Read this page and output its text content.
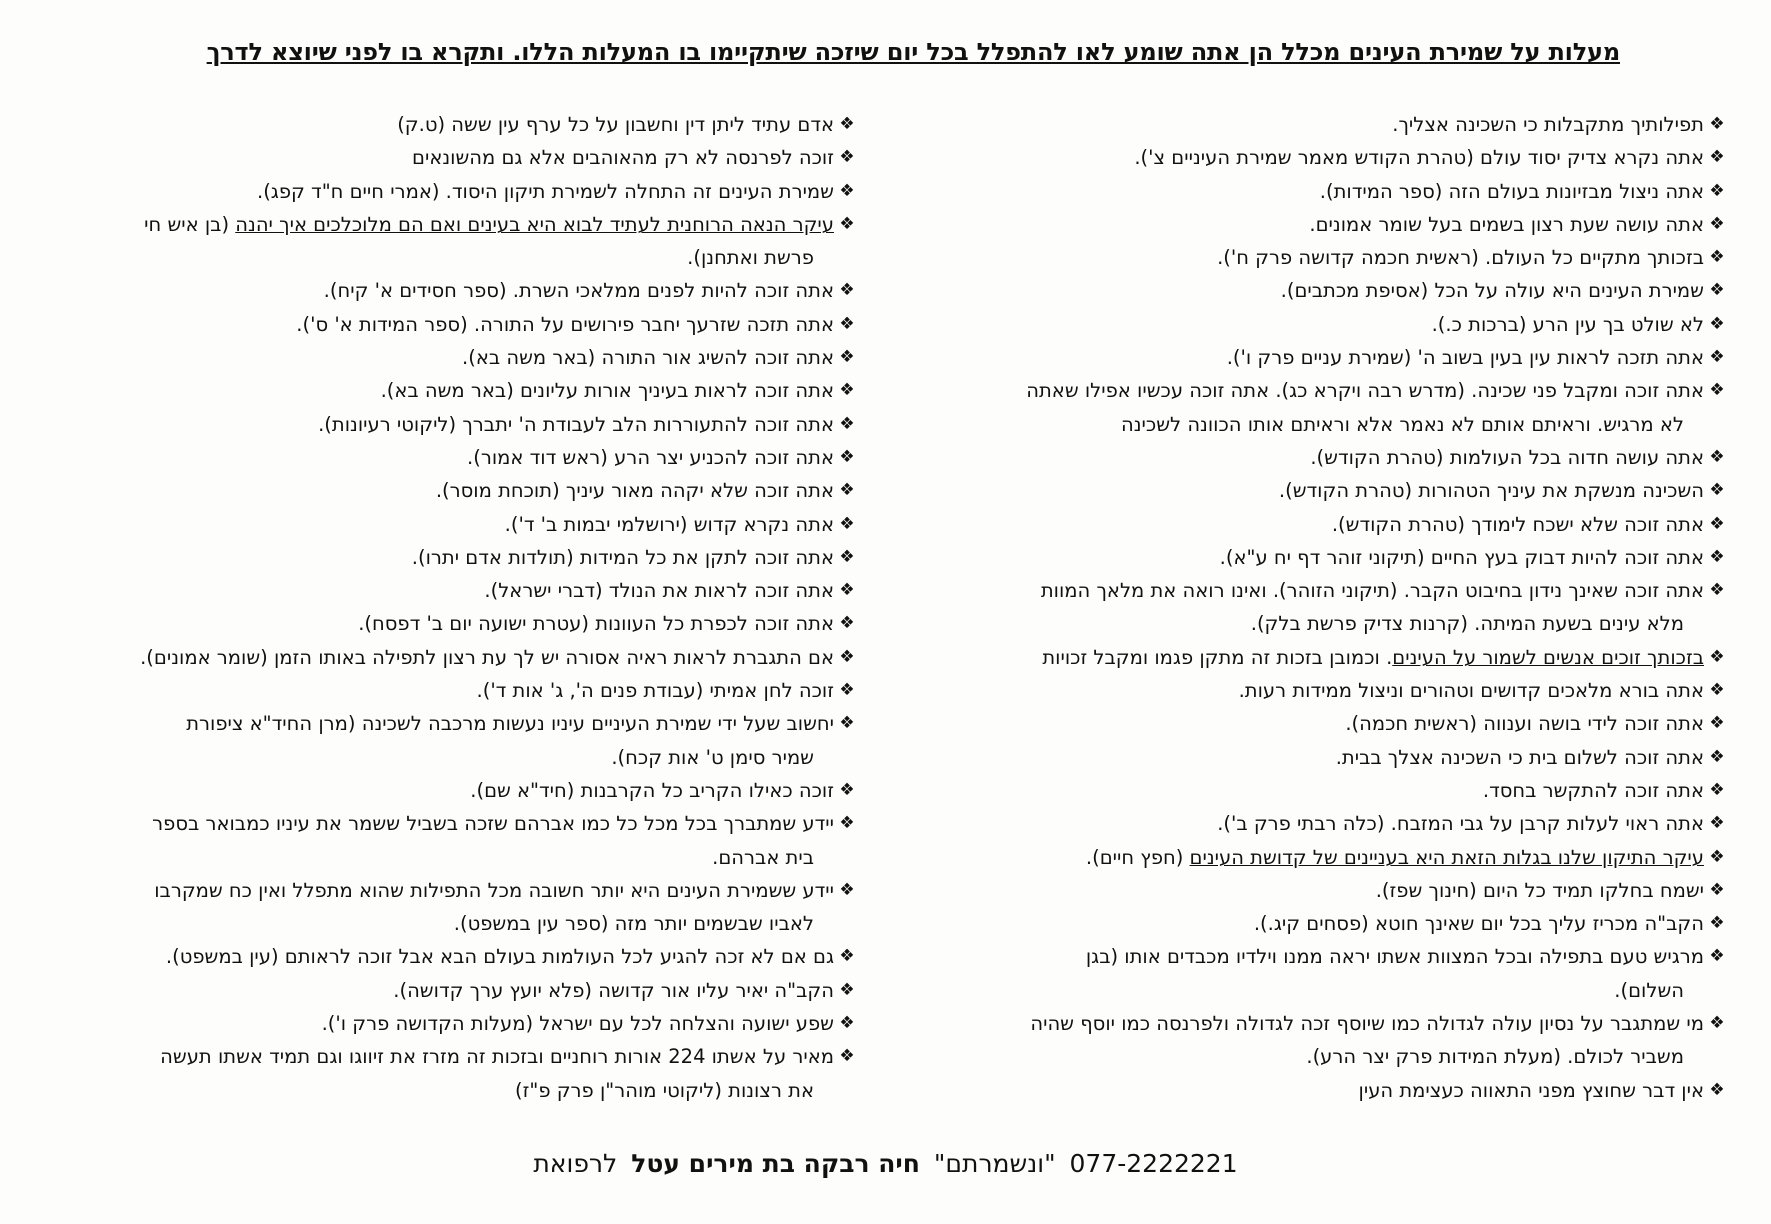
מעלות על שמירת העינים מכלל הן אתה שומע לאו להתפלל בכל יום שיזכה שיתקיימו בו המעלות הללו. ותקרא בו לפני שיוצא לדרך
❖
תפילותיך מתקבלות כי השכינה אצליך.
❖
אתה נקרא צדיק יסוד עולם (טהרת הקודש מאמר שמירת העיניים צ').
❖
אתה ניצול מבזיונות בעולם הזה (ספר המידות).
❖
אתה עושה שעת רצון בשמים בעל שומר אמונים.
❖
בזכותך מתקיים כל העולם. (ראשית חכמה קדושה פרק ח').
❖
שמירת העינים היא עולה על הכל (אסיפת מכתבים).
❖
לא שולט בך עין הרע (ברכות כ.).
❖
אתה תזכה לראות עין בעין בשוב ה' (שמירת עניים פרק ו').
❖
אתה זוכה ומקבל פני שכינה. (מדרש רבה ויקרא כג). אתה זוכה עכשיו אפילו שאתה
לא מרגיש. וראיתם אותם לא נאמר אלא וראיתם אותו הכוונה לשכינה
❖
אתה עושה חדוה בכל העולמות (טהרת הקודש).
❖
השכינה מנשקת את עיניך הטהורות (טהרת הקודש).
❖
אתה זוכה שלא ישכח לימודך (טהרת הקודש).
❖
אתה זוכה להיות דבוק בעץ החיים (תיקוני זוהר דף יח ע"א).
❖
אתה זוכה שאינך נידון בחיבוט הקבר. (תיקוני הזוהר). ואינו רואה את מלאך המוות
מלא עינים בשעת המיתה. (קרנות צדיק פרשת בלק).
❖
בזכותך זוכים אנשים לשמור על העינים. וכמובן בזכות זה מתקן פגמו ומקבל זכויות
❖
אתה בורא מלאכים קדושים וטהורים וניצול ממידות רעות.
❖
אתה זוכה לידי בושה וענווה (ראשית חכמה).
❖
אתה זוכה לשלום בית כי השכינה אצלך בבית.
❖
אתה זוכה להתקשר בחסד.
❖
אתה ראוי לעלות קרבן על גבי המזבח. (כלה רבתי פרק ב').
❖
עיקר התיקון שלנו בגלות הזאת היא בעניינים של קדושת העינים (חפץ חיים).
❖
ישמח בחלקו תמיד כל היום (חינוך שפז).
❖
הקב"ה מכריז עליך בכל יום שאינך חוטא (פסחים קיג.).
❖
מרגיש טעם בתפילה ובכל המצוות אשתו יראה ממנו וילדיו מכבדים אותו (בגן
השלום).
❖
מי שמתגבר על נסיון עולה לגדולה כמו שיוסף זכה לגדולה ולפרנסה כמו יוסף שהיה
משביר לכולם. (מעלת המידות פרק יצר הרע).
❖
אין דבר שחוצץ מפני התאווה כעצימת העין
❖
אדם עתיד ליתן דין וחשבון על כל ערף עין ששה (ט.ק)
❖
זוכה לפרנסה לא רק מהאוהבים אלא גם מהשונאים
❖
שמירת העינים זה התחלה לשמירת תיקון היסוד. (אמרי חיים ח"ד קפג).
❖
עיקר הנאה הרוחנית לעתיד לבוא היא בעינים ואם הם מלוכלכים איך יהנה (בן איש חי
פרשת ואתחנן).
❖
אתה זוכה להיות לפנים ממלאכי השרת. (ספר חסידים א' קיח).
❖
אתה תזכה שזרעך יחבר פירושים על התורה. (ספר המידות א' ס').
❖
אתה זוכה להשיג אור התורה (באר משה בא).
❖
אתה זוכה לראות בעיניך אורות עליונים (באר משה בא).
❖
אתה זוכה להתעוררות הלב לעבודת ה' יתברך (ליקוטי רעיונות).
❖
אתה זוכה להכניע יצר הרע (ראש דוד אמור).
❖
אתה זוכה שלא יקהה מאור עיניך (תוכחת מוסר).
❖
אתה נקרא קדוש (ירושלמי יבמות ב' ד').
❖
אתה זוכה לתקן את כל המידות (תולדות אדם יתרו).
❖
אתה זוכה לראות את הנולד (דברי ישראל).
❖
אתה זוכה לכפרת כל העוונות (עטרת ישועה יום ב' דפסח).
❖
אם התגברת לראות ראיה אסורה יש לך עת רצון לתפילה באותו הזמן (שומר אמונים).
❖
זוכה לחן אמיתי (עבודת פנים ה', ג' אות ד').
❖
יחשוב שעל ידי שמירת העיניים עיניו נעשות מרכבה לשכינה (מרן החיד"א ציפורת
שמיר סימן ט' אות קכח).
❖
זוכה כאילו הקריב כל הקרבנות (חיד"א שם).
❖
יידע שמתברך בכל מכל כל כמו אברהם שזכה בשביל ששמר את עיניו כמבואר בספר
בית אברהם.
❖
יידע ששמירת העינים היא יותר חשובה מכל התפילות שהוא מתפלל ואין כח שמקרבו
לאביו שבשמים יותר מזה (ספר עין במשפט).
❖
גם אם לא זכה להגיע לכל העולמות בעולם הבא אבל זוכה לראותם (עין במשפט).
❖
הקב"ה יאיר עליו אור קדושה (פלא יועץ ערך קדושה).
❖
שפע ישועה והצלחה לכל עם ישראל (מעלות הקדושה פרק ו').
❖
מאיר על אשתו 224 אורות רוחניים ובזכות זה מזרז את זיווגו וגם תמיד אשתו תעשה
את רצונות (ליקוטי מוהר"ן פרק פ"ז)
לרפואת חיה רבקה בת מירים עטל "ונשמרתם" 077-2222221
